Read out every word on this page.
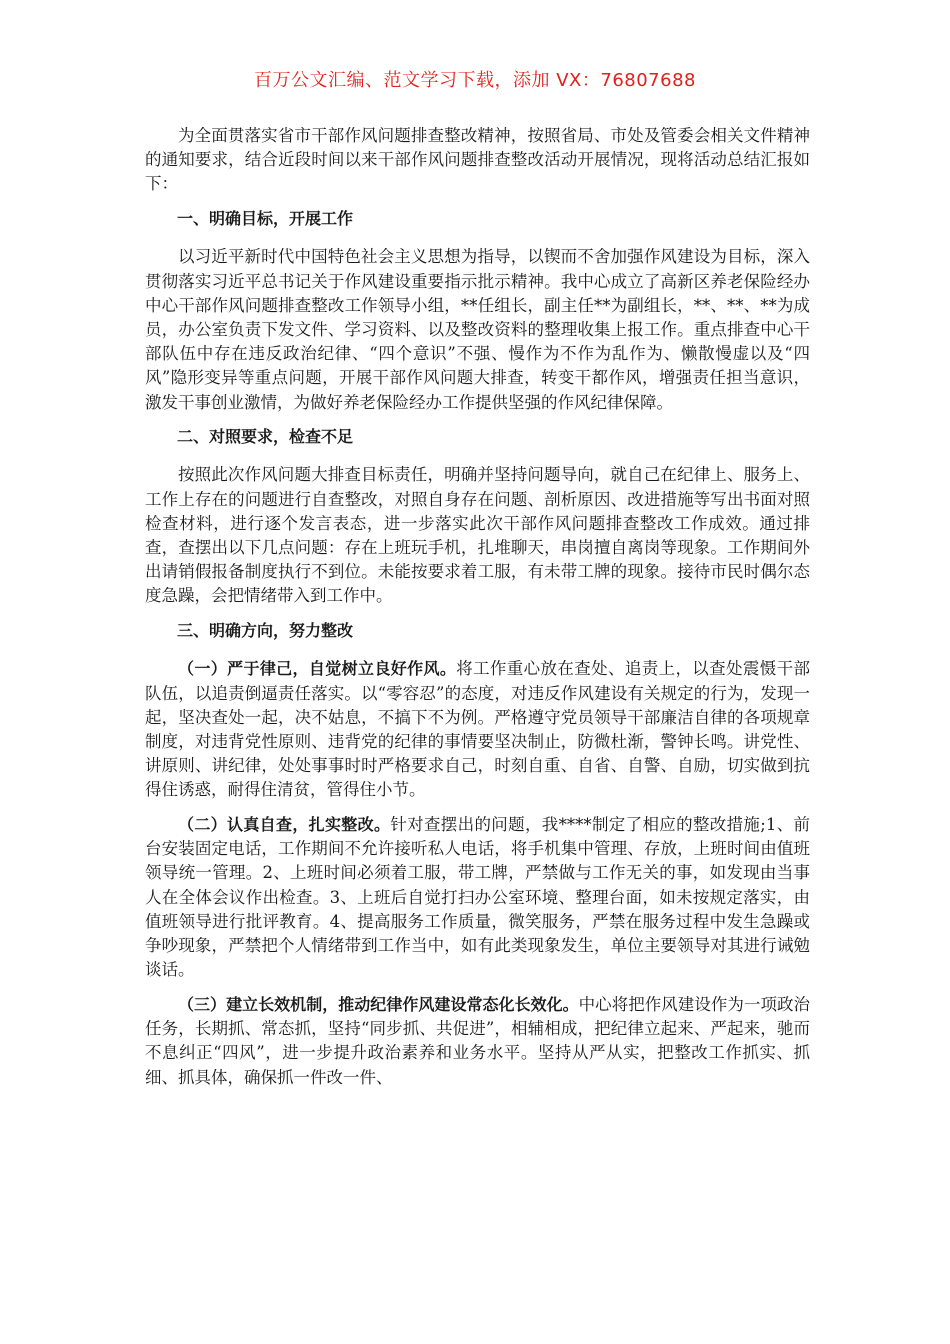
百万公文汇编、范文学习下载，添加 VX：76807688

为全面贯落实省市干部作风问题排查整改精神，按照省局、市处及管委会相关文件精神的通知要求，结合近段时间以来干部作风问题排查整改活动开展情况，现将活动总结汇报如下：

一、明确目标，开展工作

以习近平新时代中国特色社会主义思想为指导，以锲而不舍加强作风建设为目标，深入贯彻落实习近平总书记关于作风建设重要指示批示精神。我中心成立了高新区养老保险经办中心干部作风问题排查整改工作领导小组，**任组长，副主任**为副组长，**、**、**为成员，办公室负责下发文件、学习资料、以及整改资料的整理收集上报工作。重点排查中心干部队伍中存在违反政治纪律、“四个意识”不强、慢作为不作为乱作为、懒散慢虚以及“四风”隐形变异等重点问题，开展干部作风问题大排查，转变干都作风，增强责任担当意识，激发干事创业激情，为做好养老保险经办工作提供坚强的作风纪律保障。

二、对照要求，检查不足

按照此次作风问题大排查目标责任，明确并坚持问题导向，就自己在纪律上、服务上、工作上存在的问题进行自查整改，对照自身存在问题、剖析原因、改进措施等写出书面对照检查材料，进行逐个发言表态，进一步落实此次干部作风问题排查整改工作成效。通过排查，查摆出以下几点问题：存在上班玩手机，扎堆聊天，串岗擅自离岗等现象。工作期间外出请销假报备制度执行不到位。未能按要求着工服，有未带工牌的现象。接待市民时偶尔态度急躁，会把情绪带入到工作中。

三、明确方向，努力整改

（一）严于律己，自觉树立良好作风。将工作重心放在查处、追责上，以查处震慑干部队伍，以追责倒逼责任落实。以“零容忍”的态度，对违反作风建设有关规定的行为，发现一起，坚决查处一起，决不姑息，不搞下不为例。严格遵守党员领导干部廉洁自律的各项规章制度，对违背党性原则、违背党的纪律的事情要坚决制止，防微杜渐，警钟长鸣。讲党性、讲原则、讲纪律，处处事事时时严格要求自己，时刻自重、自省、自警、自励，切实做到抗得住诱惑，耐得住清贫，管得住小节。

（二）认真自查，扎实整改。针对查摆出的问题，我****制定了相应的整改措施;1、前台安装固定电话，工作期间不允许接听私人电话，将手机集中管理、存放，上班时间由值班领导统一管理。2、上班时间必须着工服，带工牌，严禁做与工作无关的事，如发现由当事人在全体会议作出检查。3、上班后自觉打扫办公室环境、整理台面，如未按规定落实，由值班领导进行批评教育。4、提高服务工作质量，微笑服务，严禁在服务过程中发生急躁或争吵现象，严禁把个人情绪带到工作当中，如有此类现象发生，单位主要领导对其进行诫勉谈话。

（三）建立长效机制，推动纪律作风建设常态化长效化。中心将把作风建设作为一项政治任务，长期抓、常态抓，坚持“同步抓、共促进”，相辅相成，把纪律立起来、严起来，驰而不息纠正“四风”，进一步提升政治素养和业务水平。坚持从严从实，把整改工作抓实、抓细、抓具体，确保抓一件改一件、
